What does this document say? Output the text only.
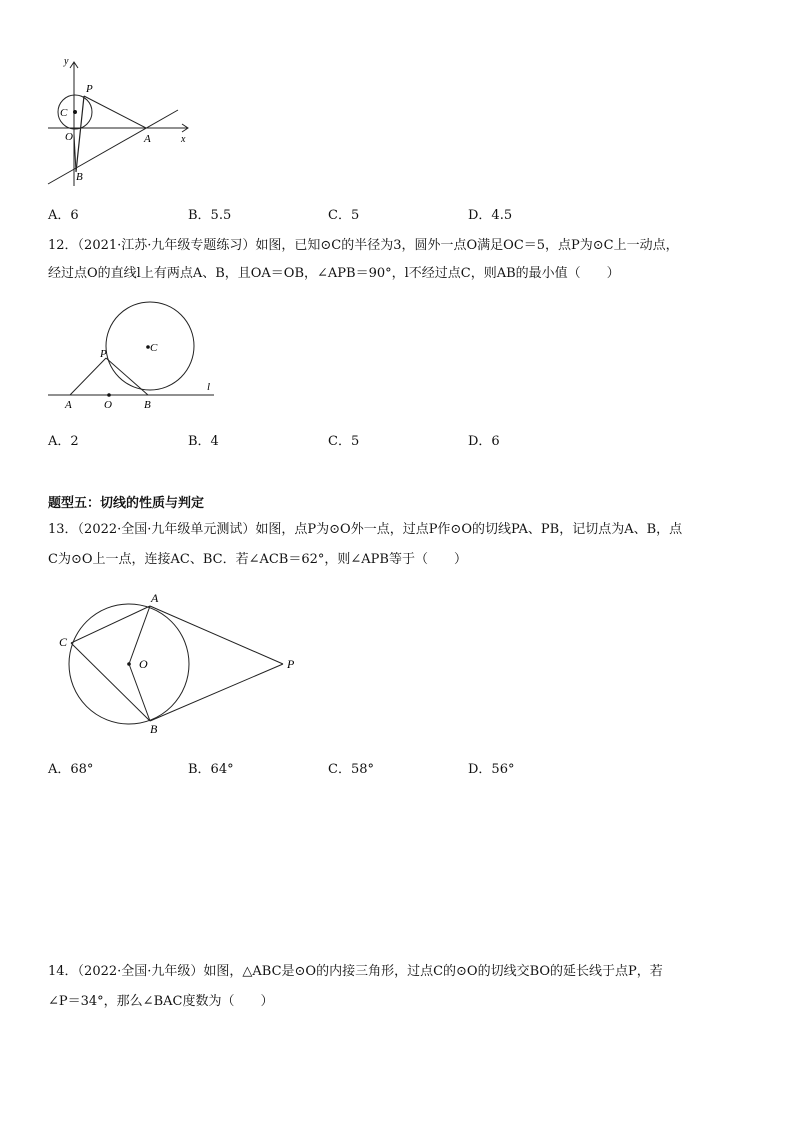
y
P
C
O	A	x
B
A．6	B．5.5	C．5	D．4.5
12．（2021·江苏·九年级专题练习）如图，已知⊙C的半径为3，圆外一点O满足OC＝5，点P为⊙C上一动点，
经过点O的直线l上有两点A、B，且OA＝OB，∠APB＝90°，l不经过点C，则AB的最小值（　　）
P	C
l
A	O	B
A．2	B．4	C．5	D．6
题型五：切线的性质与判定
13．（2022·全国·九年级单元测试）如图，点P为⊙O外一点，过点P作⊙O的切线PA、PB，记切点为A、B，点
C为⊙O上一点，连接AC、BC．若∠ACB＝62°，则∠APB等于（　　）
A
C
O	P
B
A．68°	B．64°	C．58°	D．56°
14．（2022·全国·九年级）如图，△ABC是⊙O的内接三角形，过点C的⊙O的切线交BO的延长线于点P，若
∠P＝34°，那么∠BAC度数为（　　）
